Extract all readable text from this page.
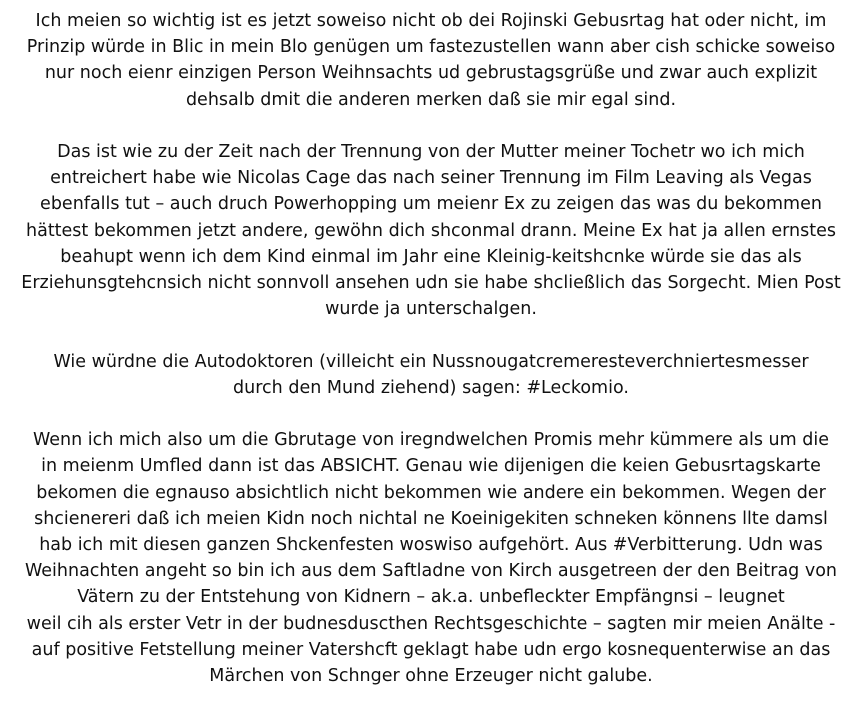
Ich meien so wichtig ist es jetzt soweiso nicht ob dei Rojinski Gebusrtag hat oder nicht, im
Prinzip würde in Blic in mein Blo genügen um fastezustellen wann aber cish schicke soweiso
nur noch eienr einzigen Person Weihnsachts ud gebrustagsgrüße und zwar auch explizit
dehsalb dmit die anderen merken daß sie mir egal sind.

Das ist wie zu der Zeit nach der Trennung von der Mutter meiner Tochetr wo ich mich
entreichert habe wie Nicolas Cage das nach seiner Trennung im Film Leaving als Vegas
ebenfalls tut – auch druch Powerhopping um meienr Ex zu zeigen das was du bekommen
hättest bekommen jetzt andere, gewöhn dich shconmal drann. Meine Ex hat ja allen ernstes
beahupt wenn ich dem Kind einmal im Jahr eine Kleinig-keitshcnke würde sie das als
Erziehunsgtehcnsich nicht sonnvoll ansehen udn sie habe shcließlich das Sorgecht. Mien Post
wurde ja unterschalgen.

Wie würdne die Autodoktoren (villeicht ein Nussnougatcremeresteverchniertesmesser
durch den Mund ziehend) sagen: #Leckomio.

Wenn ich mich also um die Gbrutage von iregndwelchen Promis mehr kümmere als um die
in meienm Umfled dann ist das ABSICHT. Genau wie dijenigen die keien Gebusrtagskarte
bekomen die egnauso absichtlich nicht bekommen wie andere ein bekommen. Wegen der
shcienereri daß ich meien Kidn noch nichtal ne Koeinigekiten schneken könnens llte damsl
hab ich mit diesen ganzen Shckenfesten woswiso aufgehört. Aus #Verbitterung. Udn was
Weihnachten angeht so bin ich aus dem Saftladne von Kirch ausgetreen der den Beitrag von
Vätern zu der Entstehung von Kidnern – ak.a. unbefleckter Empfängnsi – leugnet
weil cih als erster Vetr in der budnesduscthen Rechtsgeschichte – sagten mir meien Anälte -
auf positive Fetstellung meiner Vatershcft geklagt habe udn ergo kosnequenterwise an das
Märchen von Schnger ohne Erzeuger nicht galube.
